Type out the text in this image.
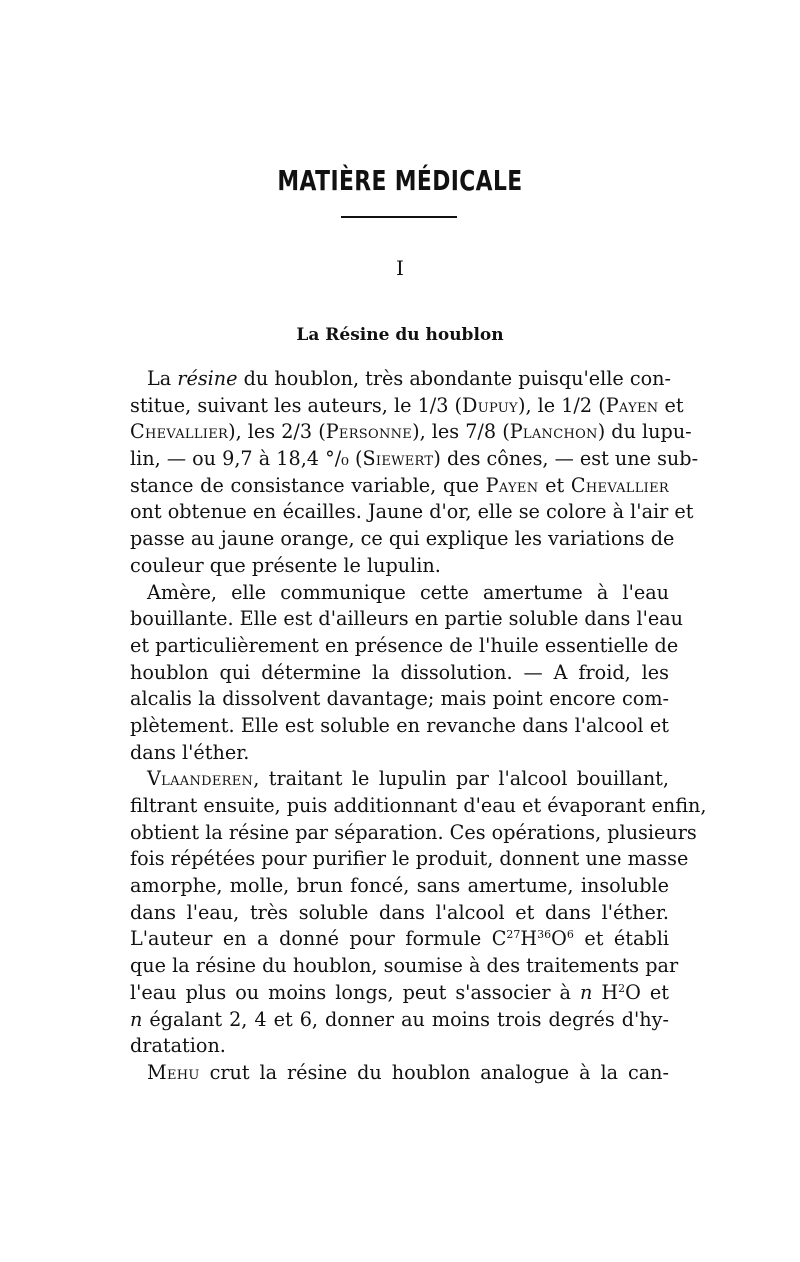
MATIÈRE MÉDICALE
I
La Résine du houblon
La résine du houblon, très abondante puisqu'elle con-
stitue, suivant les auteurs, le 1/3 (Dupuy), le 1/2 (Payen et
Chevallier), les 2/3 (Personne), les 7/8 (Planchon) du lupu-
lin, — ou 9,7 à 18,4 °/₀ (Siewert) des cônes, — est une sub-
stance de consistance variable, que Payen et Chevallier
ont obtenue en écailles. Jaune d'or, elle se colore à l'air et
passe au jaune orange, ce qui explique les variations de
couleur que présente le lupulin.
Amère, elle communique cette amertume à l'eau
bouillante. Elle est d'ailleurs en partie soluble dans l'eau
et particulièrement en présence de l'huile essentielle de
houblon qui détermine la dissolution. — A froid, les
alcalis la dissolvent davantage; mais point encore com-
plètement. Elle est soluble en revanche dans l'alcool et
dans l'éther.
Vlaanderen, traitant le lupulin par l'alcool bouillant,
filtrant ensuite, puis additionnant d'eau et évaporant enfin,
obtient la résine par séparation. Ces opérations, plusieurs
fois répétées pour purifier le produit, donnent une masse
amorphe, molle, brun foncé, sans amertume, insoluble
dans l'eau, très soluble dans l'alcool et dans l'éther.
L'auteur en a donné pour formule $C^{27}H^{36}O^6$ et établi
que la résine du houblon, soumise à des traitements par
l'eau plus ou moins longs, peut s'associer à n $H^2O$ et
n égalant 2, 4 et 6, donner au moins trois degrés d'hy-
dratation.
Mehu crut la résine du houblon analogue à la can-
